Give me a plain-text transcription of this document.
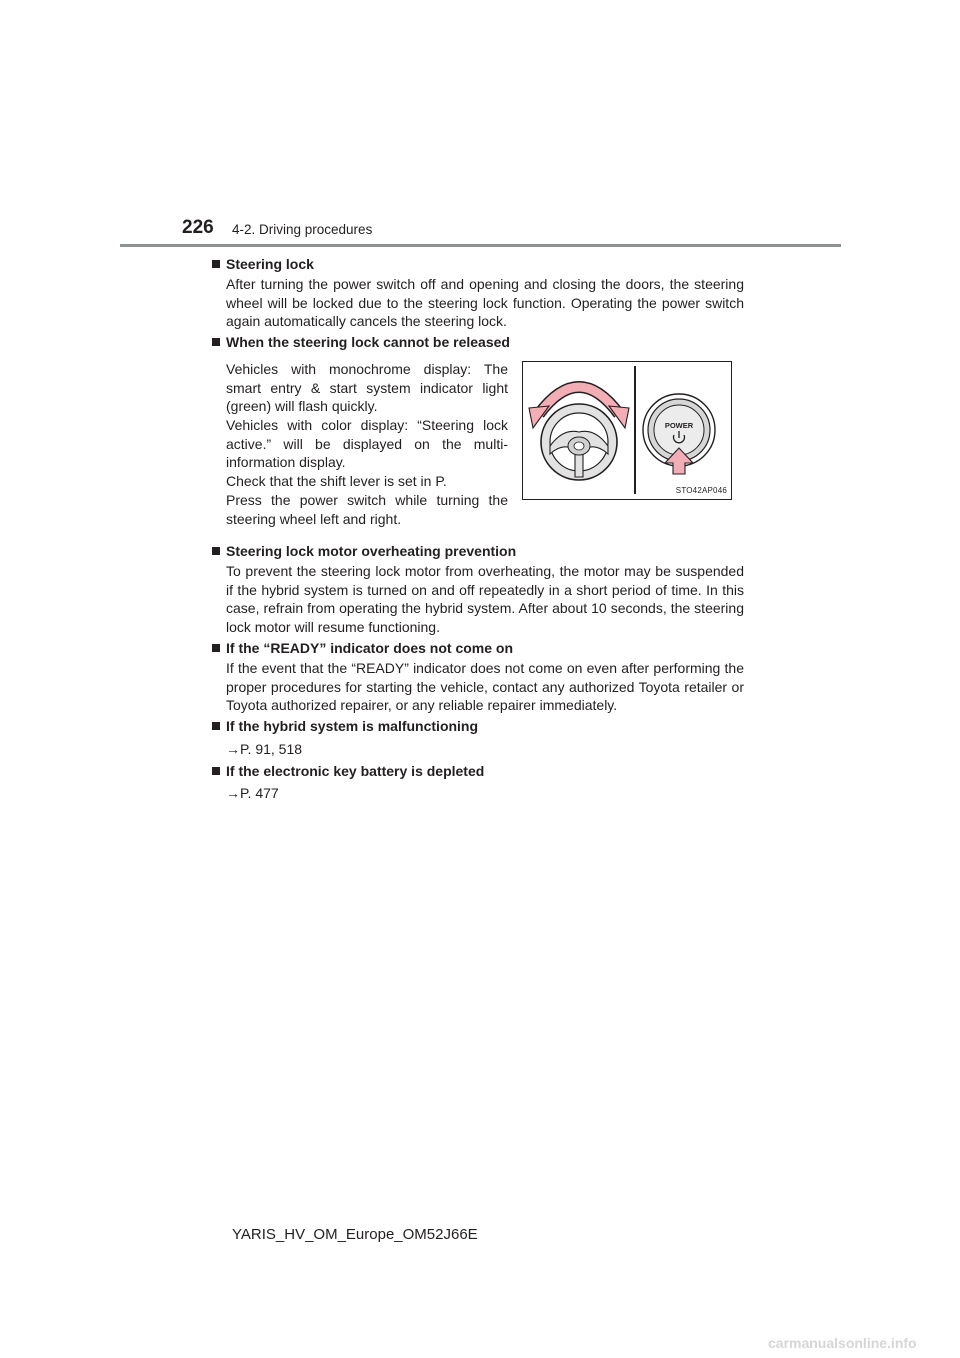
226 4-2. Driving procedures
Steering lock
After turning the power switch off and opening and closing the doors, the steering wheel will be locked due to the steering lock function. Operating the power switch again automatically cancels the steering lock.
When the steering lock cannot be released
Vehicles with monochrome display: The smart entry & start system indicator light (green) will flash quickly.
Vehicles with color display: “Steering lock active.” will be displayed on the multi-information display.
Check that the shift lever is set in P.
Press the power switch while turning the steering wheel left and right.
POWER
STO42AP046
Steering lock motor overheating prevention
To prevent the steering lock motor from overheating, the motor may be suspended if the hybrid system is turned on and off repeatedly in a short period of time. In this case, refrain from operating the hybrid system. After about 10 seconds, the steering lock motor will resume functioning.
If the “READY” indicator does not come on
If the event that the “READY” indicator does not come on even after performing the proper procedures for starting the vehicle, contact any authorized Toyota retailer or Toyota authorized repairer, or any reliable repairer immediately.
If the hybrid system is malfunctioning
→P. 91, 518
If the electronic key battery is depleted
→P. 477
YARIS_HV_OM_Europe_OM52J66E
carmanualsonline.info
